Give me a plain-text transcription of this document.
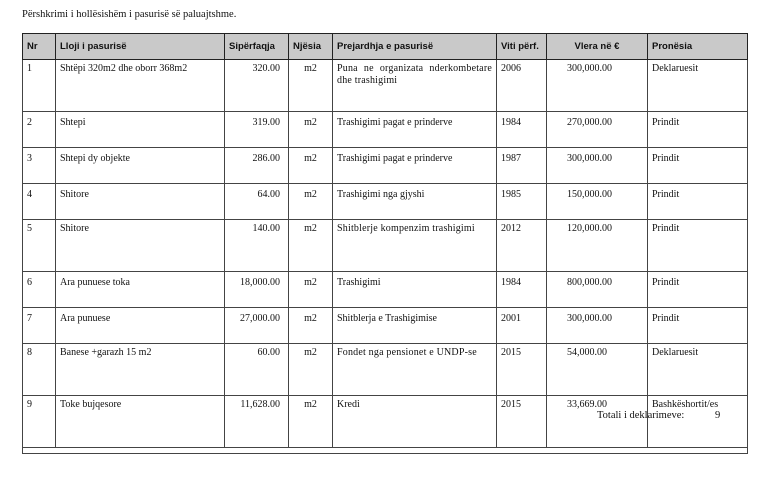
Përshkrimi i hollësishëm i pasurisë së paluajtshme.
Nr	Lloji i pasurisë	Sipërfaqja	Njësia	Prejardhja e pasurisë	Viti përf.	Vlera në €	Pronësia
1	Shtëpi 320m2 dhe oborr 368m2	320.00	m2	Puna ne organizata nderkombetare dhe trashigimi	2006	300,000.00	Deklaruesit
2	Shtepi	319.00	m2	Trashigimi pagat e prinderve	1984	270,000.00	Prindit
3	Shtepi dy objekte	286.00	m2	Trashigimi pagat e prinderve	1987	300,000.00	Prindit
4	Shitore	64.00	m2	Trashigimi nga gjyshi	1985	150,000.00	Prindit
5	Shitore	140.00	m2	Shitblerje kompenzim trashigimi	2012	120,000.00	Prindit
6	Ara punuese toka	18,000.00	m2	Trashigimi	1984	800,000.00	Prindit
7	Ara punuese	27,000.00	m2	Shitblerja e Trashigimise	2001	300,000.00	Prindit
8	Banese +garazh 15 m2	60.00	m2	Fondet nga pensionet e UNDP-se	2015	54,000.00	Deklaruesit
9	Toke bujqesore	11,628.00	m2	Kredi	2015	33,669.00	Bashkëshortit/es

Totali i deklarimeve:	9
